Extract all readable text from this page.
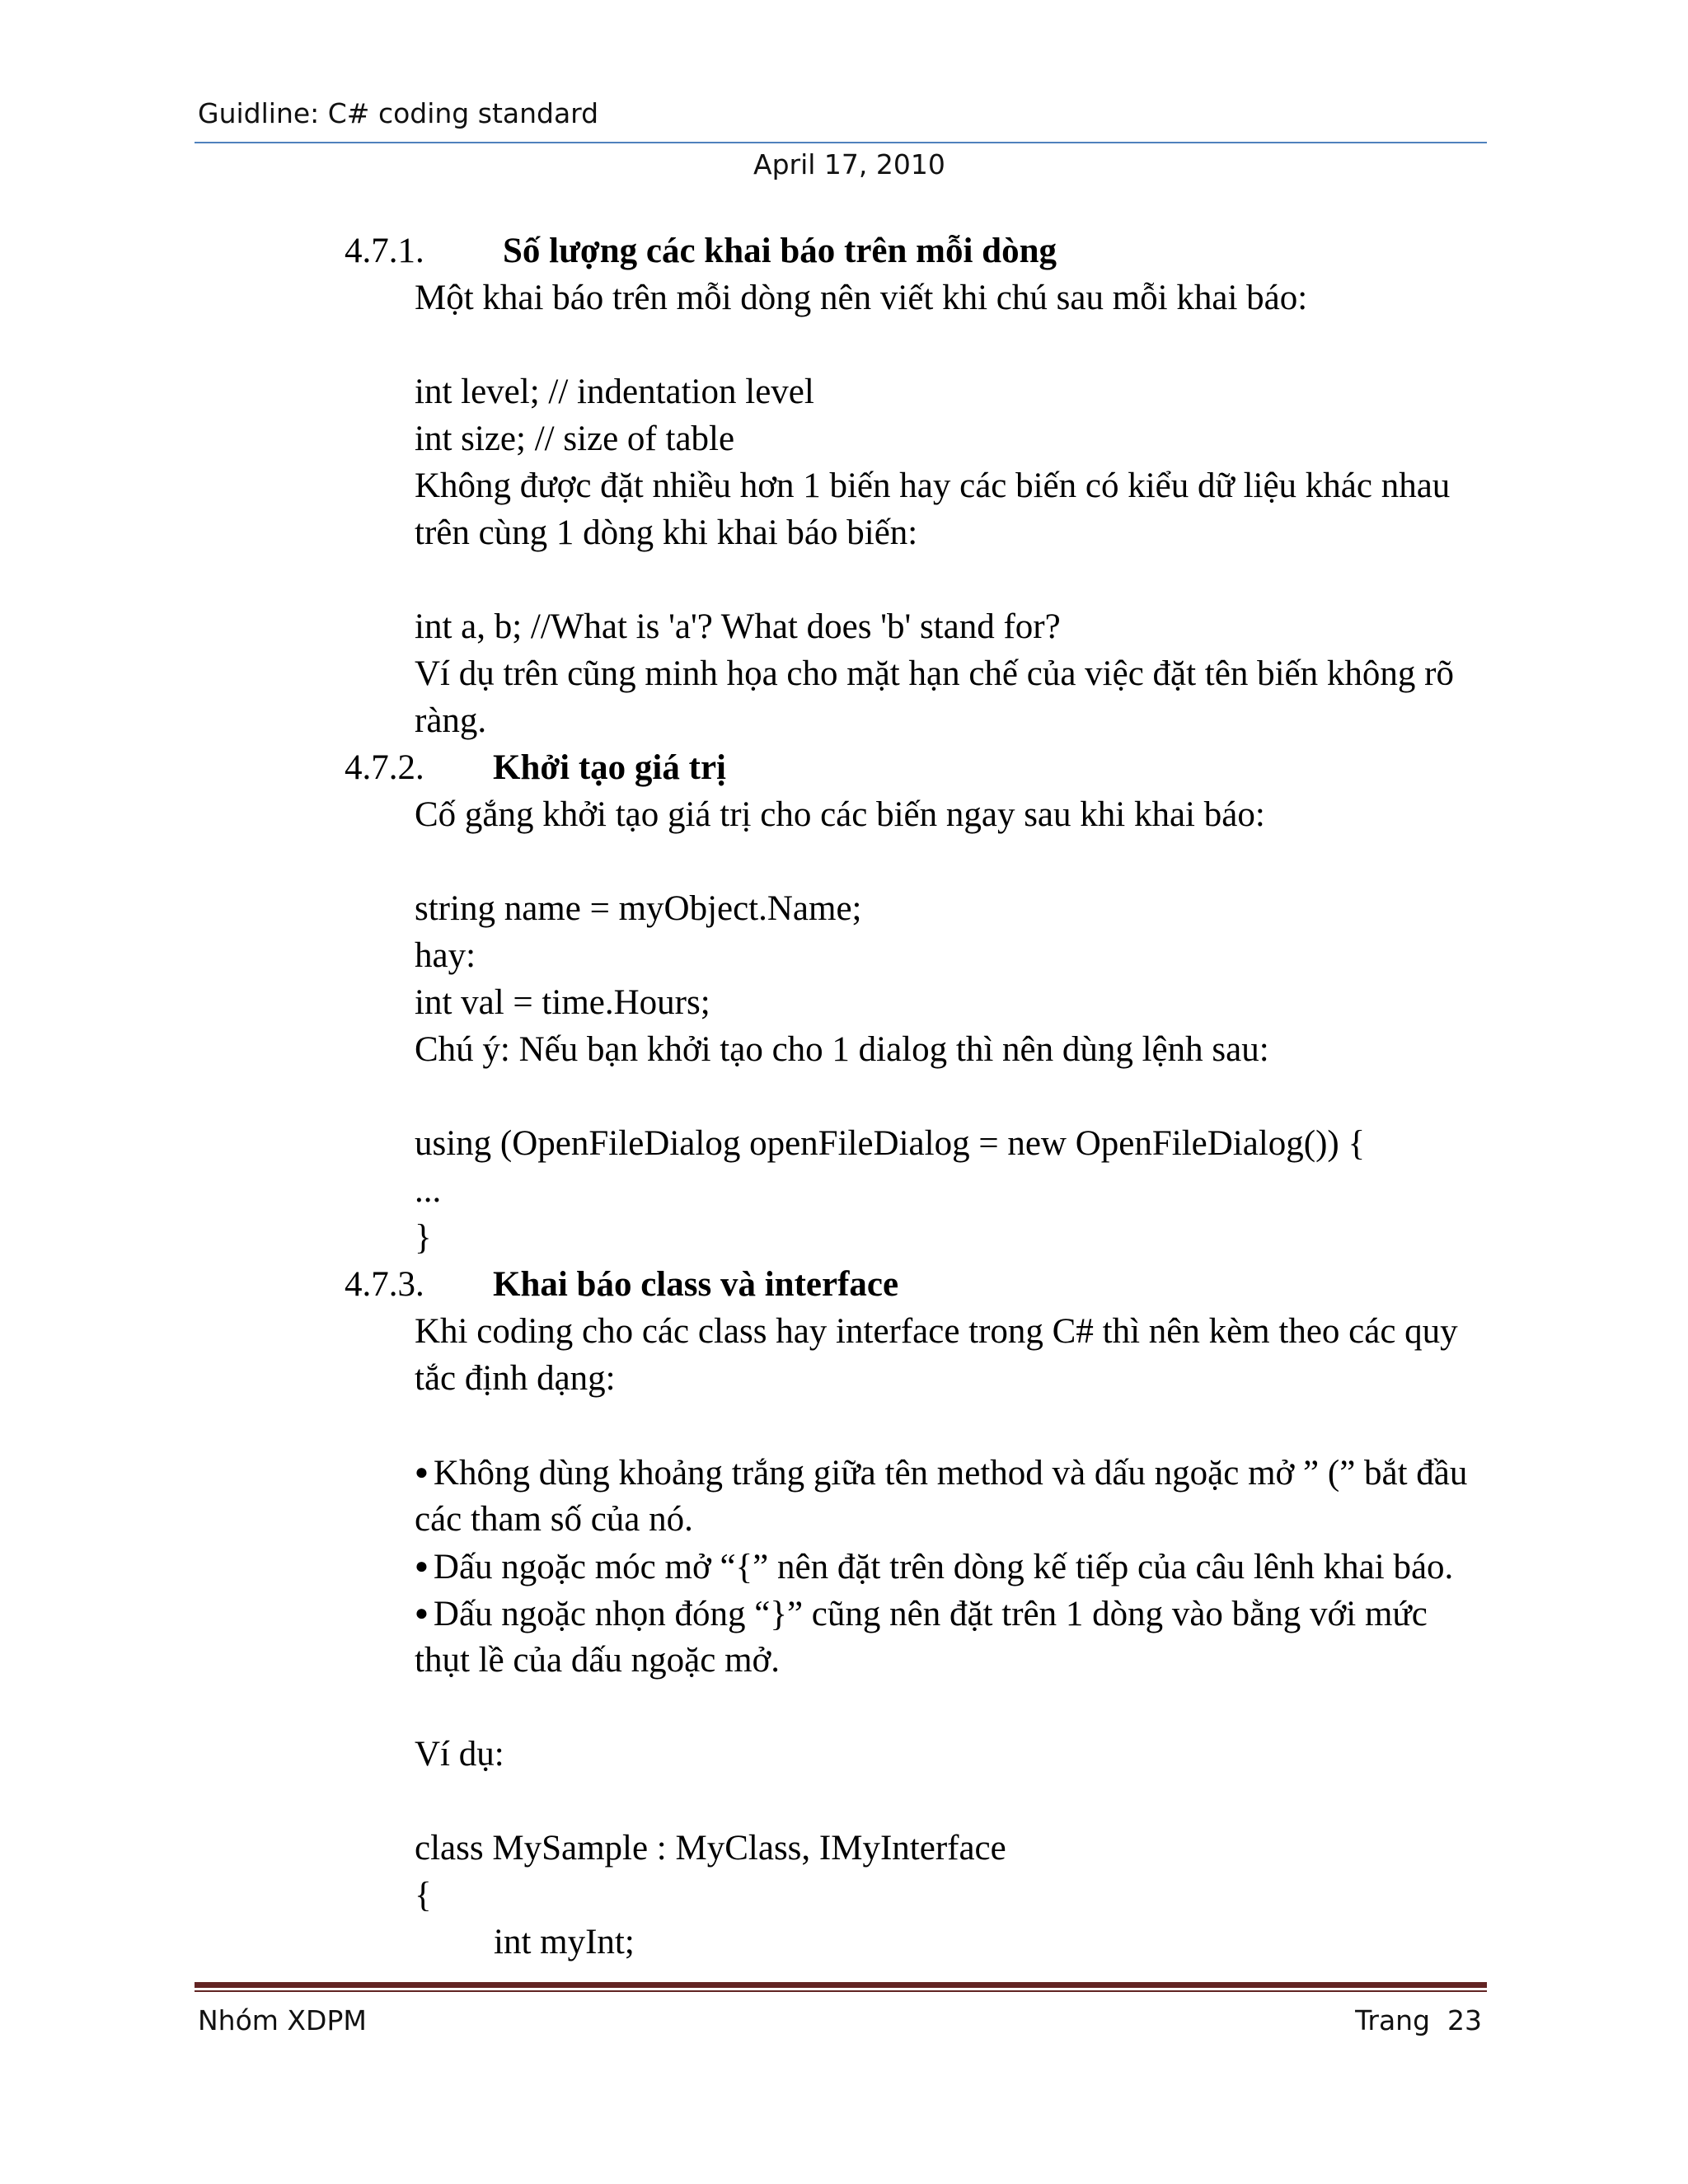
Guidline: C# coding standard
April 17, 2010
4.7.1. Số lượng các khai báo trên mỗi dòng
Một khai báo trên mỗi dòng nên viết khi chú sau mỗi khai báo:
int level; // indentation level
int size; // size of table
Không được đặt nhiều hơn 1 biến hay các biến có kiểu dữ liệu khác nhau
trên cùng 1 dòng khi khai báo biến:
int a, b; //What is 'a'? What does 'b' stand for?
Ví dụ trên cũng minh họa cho mặt hạn chế của việc đặt tên biến không rõ
ràng.
4.7.2. Khởi tạo giá trị
Cố gắng khởi tạo giá trị cho các biến ngay sau khi khai báo:
string name = myObject.Name;
hay:
int val = time.Hours;
Chú ý: Nếu bạn khởi tạo cho 1 dialog thì nên dùng lệnh sau:
using (OpenFileDialog openFileDialog = new OpenFileDialog()) {
...
}
4.7.3. Khai báo class và interface
Khi coding cho các class hay interface trong C# thì nên kèm theo các quy
tắc định dạng:
● Không dùng khoảng trắng giữa tên method và dấu ngoặc mở ” (” bắt đầu
các tham số của nó.
● Dấu ngoặc móc mở “{” nên đặt trên dòng kế tiếp của câu lênh khai báo.
● Dấu ngoặc nhọn đóng “}” cũng nên đặt trên 1 dòng vào bằng với mức
thụt lề của dấu ngoặc mở.
Ví dụ:
class MySample : MyClass, IMyInterface
{
int myInt;
Nhóm XDPM	Trang  23
